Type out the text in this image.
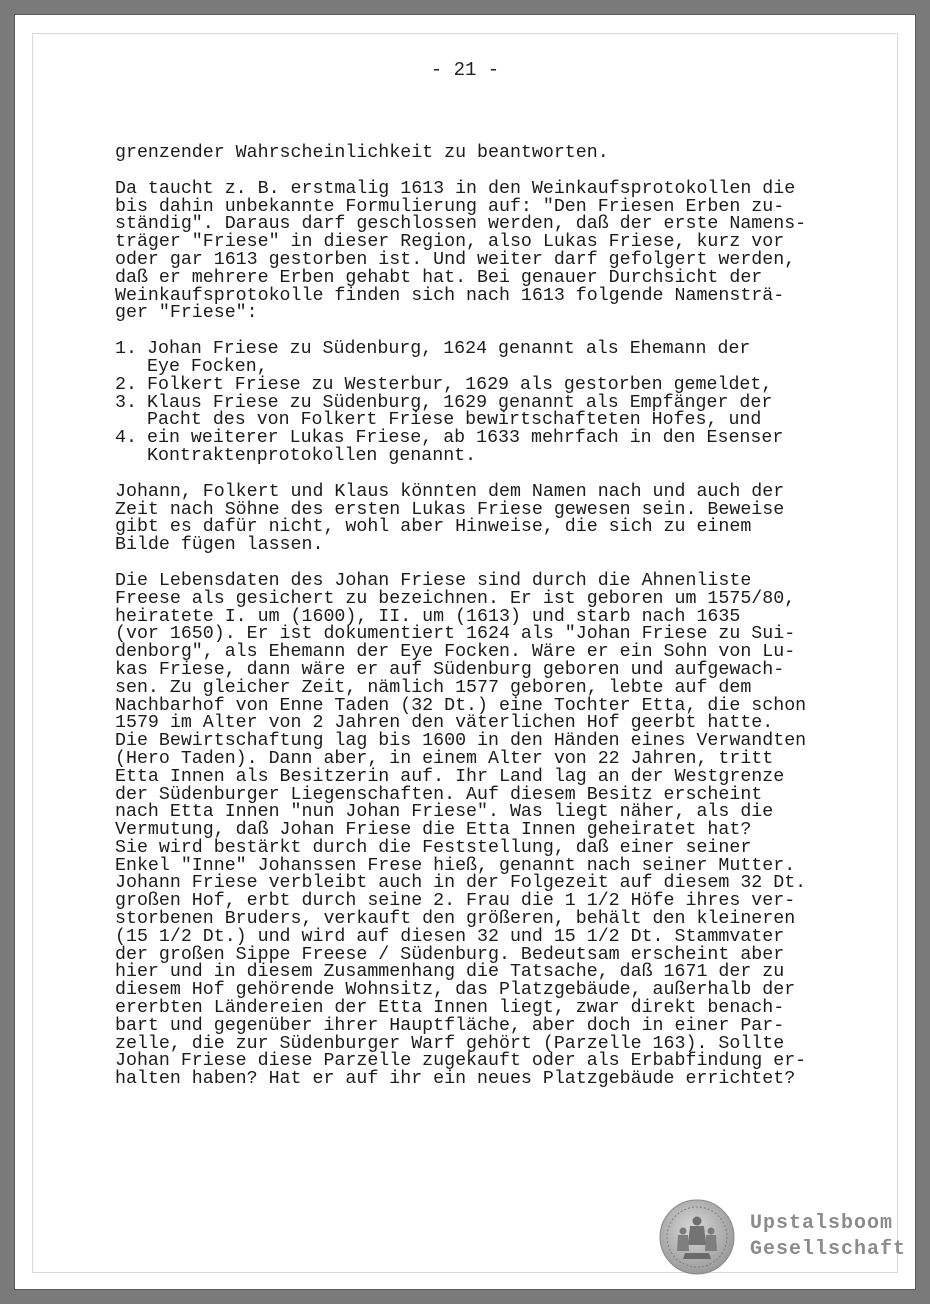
- 21 -
grenzender Wahrscheinlichkeit zu beantworten.
Da taucht z. B. erstmalig 1613 in den Weinkaufsprotokollen die
bis dahin unbekannte Formulierung auf: "Den Friesen Erben zu-
ständig". Daraus darf geschlossen werden, daß der erste Namens-
träger "Friese" in dieser Region, also Lukas Friese, kurz vor
oder gar 1613 gestorben ist. Und weiter darf gefolgert werden,
daß er mehrere Erben gehabt hat. Bei genauer Durchsicht der
Weinkaufsprotokolle finden sich nach 1613 folgende Namensträ-
ger "Friese":
1. Johan Friese zu Südenburg, 1624 genannt als Ehemann der
Eye Focken,
2. Folkert Friese zu Westerbur, 1629 als gestorben gemeldet,
3. Klaus Friese zu Südenburg, 1629 genannt als Empfänger der
Pacht des von Folkert Friese bewirtschafteten Hofes, und
4. ein weiterer Lukas Friese, ab 1633 mehrfach in den Esenser
Kontraktenprotokollen genannt.
Johann, Folkert und Klaus könnten dem Namen nach und auch der
Zeit nach Söhne des ersten Lukas Friese gewesen sein. Beweise
gibt es dafür nicht, wohl aber Hinweise, die sich zu einem
Bilde fügen lassen.
Die Lebensdaten des Johan Friese sind durch die Ahnenliste
Freese als gesichert zu bezeichnen. Er ist geboren um 1575/80,
heiratete I. um (1600), II. um (1613) und starb nach 1635
(vor 1650). Er ist dokumentiert 1624 als "Johan Friese zu Sui-
denborg", als Ehemann der Eye Focken. Wäre er ein Sohn von Lu-
kas Friese, dann wäre er auf Südenburg geboren und aufgewach-
sen. Zu gleicher Zeit, nämlich 1577 geboren, lebte auf dem
Nachbarhof von Enne Taden (32 Dt.) eine Tochter Etta, die schon
1579 im Alter von 2 Jahren den väterlichen Hof geerbt hatte.
Die Bewirtschaftung lag bis 1600 in den Händen eines Verwandten
(Hero Taden). Dann aber, in einem Alter von 22 Jahren, tritt
Etta Innen als Besitzerin auf. Ihr Land lag an der Westgrenze
der Südenburger Liegenschaften. Auf diesem Besitz erscheint
nach Etta Innen "nun Johan Friese". Was liegt näher, als die
Vermutung, daß Johan Friese die Etta Innen geheiratet hat?
Sie wird bestärkt durch die Feststellung, daß einer seiner
Enkel "Inne" Johanssen Frese hieß, genannt nach seiner Mutter.
Johann Friese verbleibt auch in der Folgezeit auf diesem 32 Dt.
großen Hof, erbt durch seine 2. Frau die 1 1/2 Höfe ihres ver-
storbenen Bruders, verkauft den größeren, behält den kleineren
(15 1/2 Dt.) und wird auf diesen 32 und 15 1/2 Dt. Stammvater
der großen Sippe Freese / Südenburg. Bedeutsam erscheint aber
hier und in diesem Zusammenhang die Tatsache, daß 1671 der zu
diesem Hof gehörende Wohnsitz, das Platzgebäude, außerhalb der
ererbten Ländereien der Etta Innen liegt, zwar direkt benach-
bart und gegenüber ihrer Hauptfläche, aber doch in einer Par-
zelle, die zur Südenburger Warf gehört (Parzelle 163). Sollte
Johan Friese diese Parzelle zugekauft oder als Erbabfindung er-
halten haben? Hat er auf ihr ein neues Platzgebäude errichtet?
Upstalsboom
Gesellschaft
